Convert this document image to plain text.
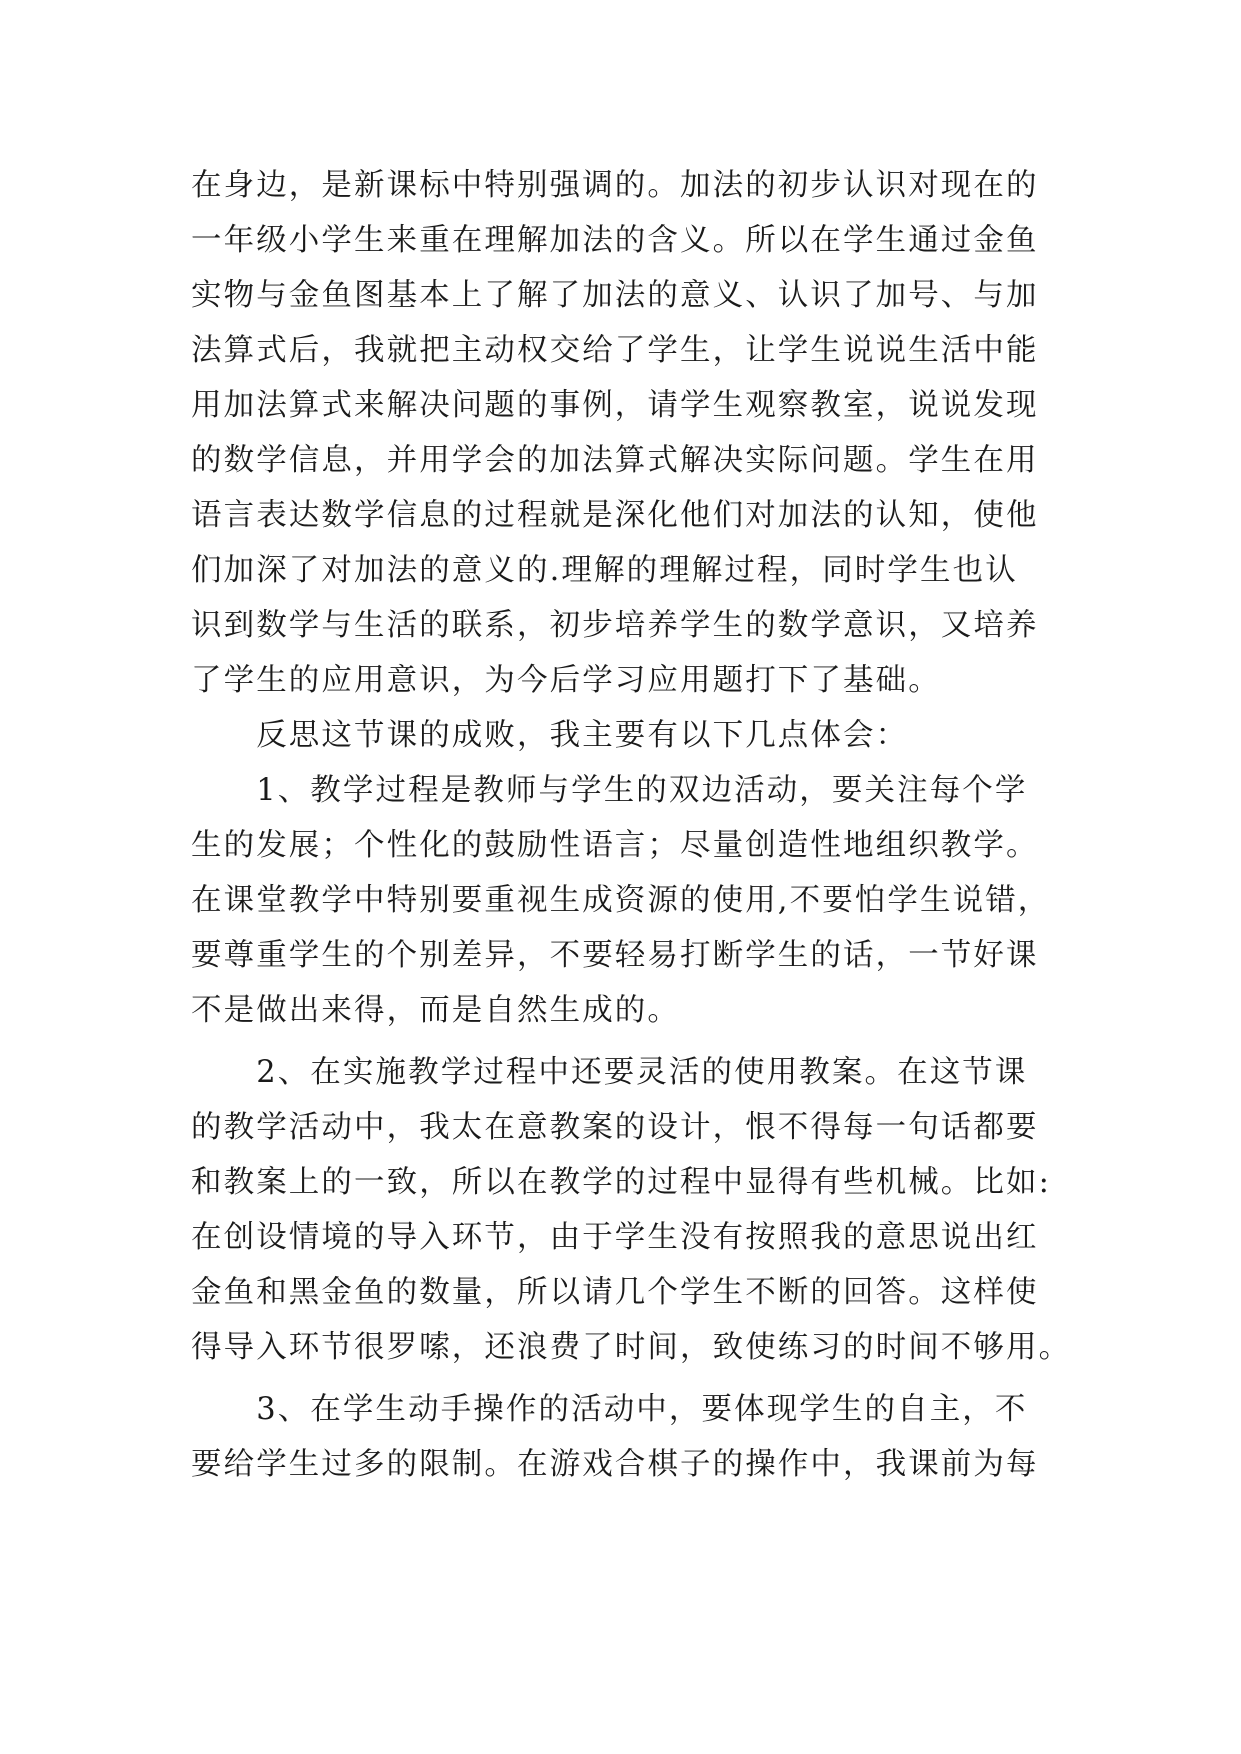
在身边，是新课标中特别强调的。加法的初步认识对现在的
一年级小学生来重在理解加法的含义。所以在学生通过金鱼
实物与金鱼图基本上了解了加法的意义、认识了加号、与加
法算式后，我就把主动权交给了学生，让学生说说生活中能
用加法算式来解决问题的事例，请学生观察教室，说说发现
的数学信息，并用学会的加法算式解决实际问题。学生在用
语言表达数学信息的过程就是深化他们对加法的认知，使他
们加深了对加法的意义的.理解的理解过程，同时学生也认
识到数学与生活的联系，初步培养学生的数学意识，又培养
了学生的应用意识，为今后学习应用题打下了基础。
　　反思这节课的成败，我主要有以下几点体会：
　　1、教学过程是教师与学生的双边活动，要关注每个学
生的发展；个性化的鼓励性语言；尽量创造性地组织教学。
在课堂教学中特别要重视生成资源的使用,不要怕学生说错，
要尊重学生的个别差异，不要轻易打断学生的话，一节好课
不是做出来得，而是自然生成的。
　　2、在实施教学过程中还要灵活的使用教案。在这节课
的教学活动中，我太在意教案的设计，恨不得每一句话都要
和教案上的一致，所以在教学的过程中显得有些机械。比如:
在创设情境的导入环节，由于学生没有按照我的意思说出红
金鱼和黑金鱼的数量，所以请几个学生不断的回答。这样使
得导入环节很罗嗦，还浪费了时间，致使练习的时间不够用。
　　3、在学生动手操作的活动中，要体现学生的自主，不
要给学生过多的限制。在游戏合棋子的操作中，我课前为每
